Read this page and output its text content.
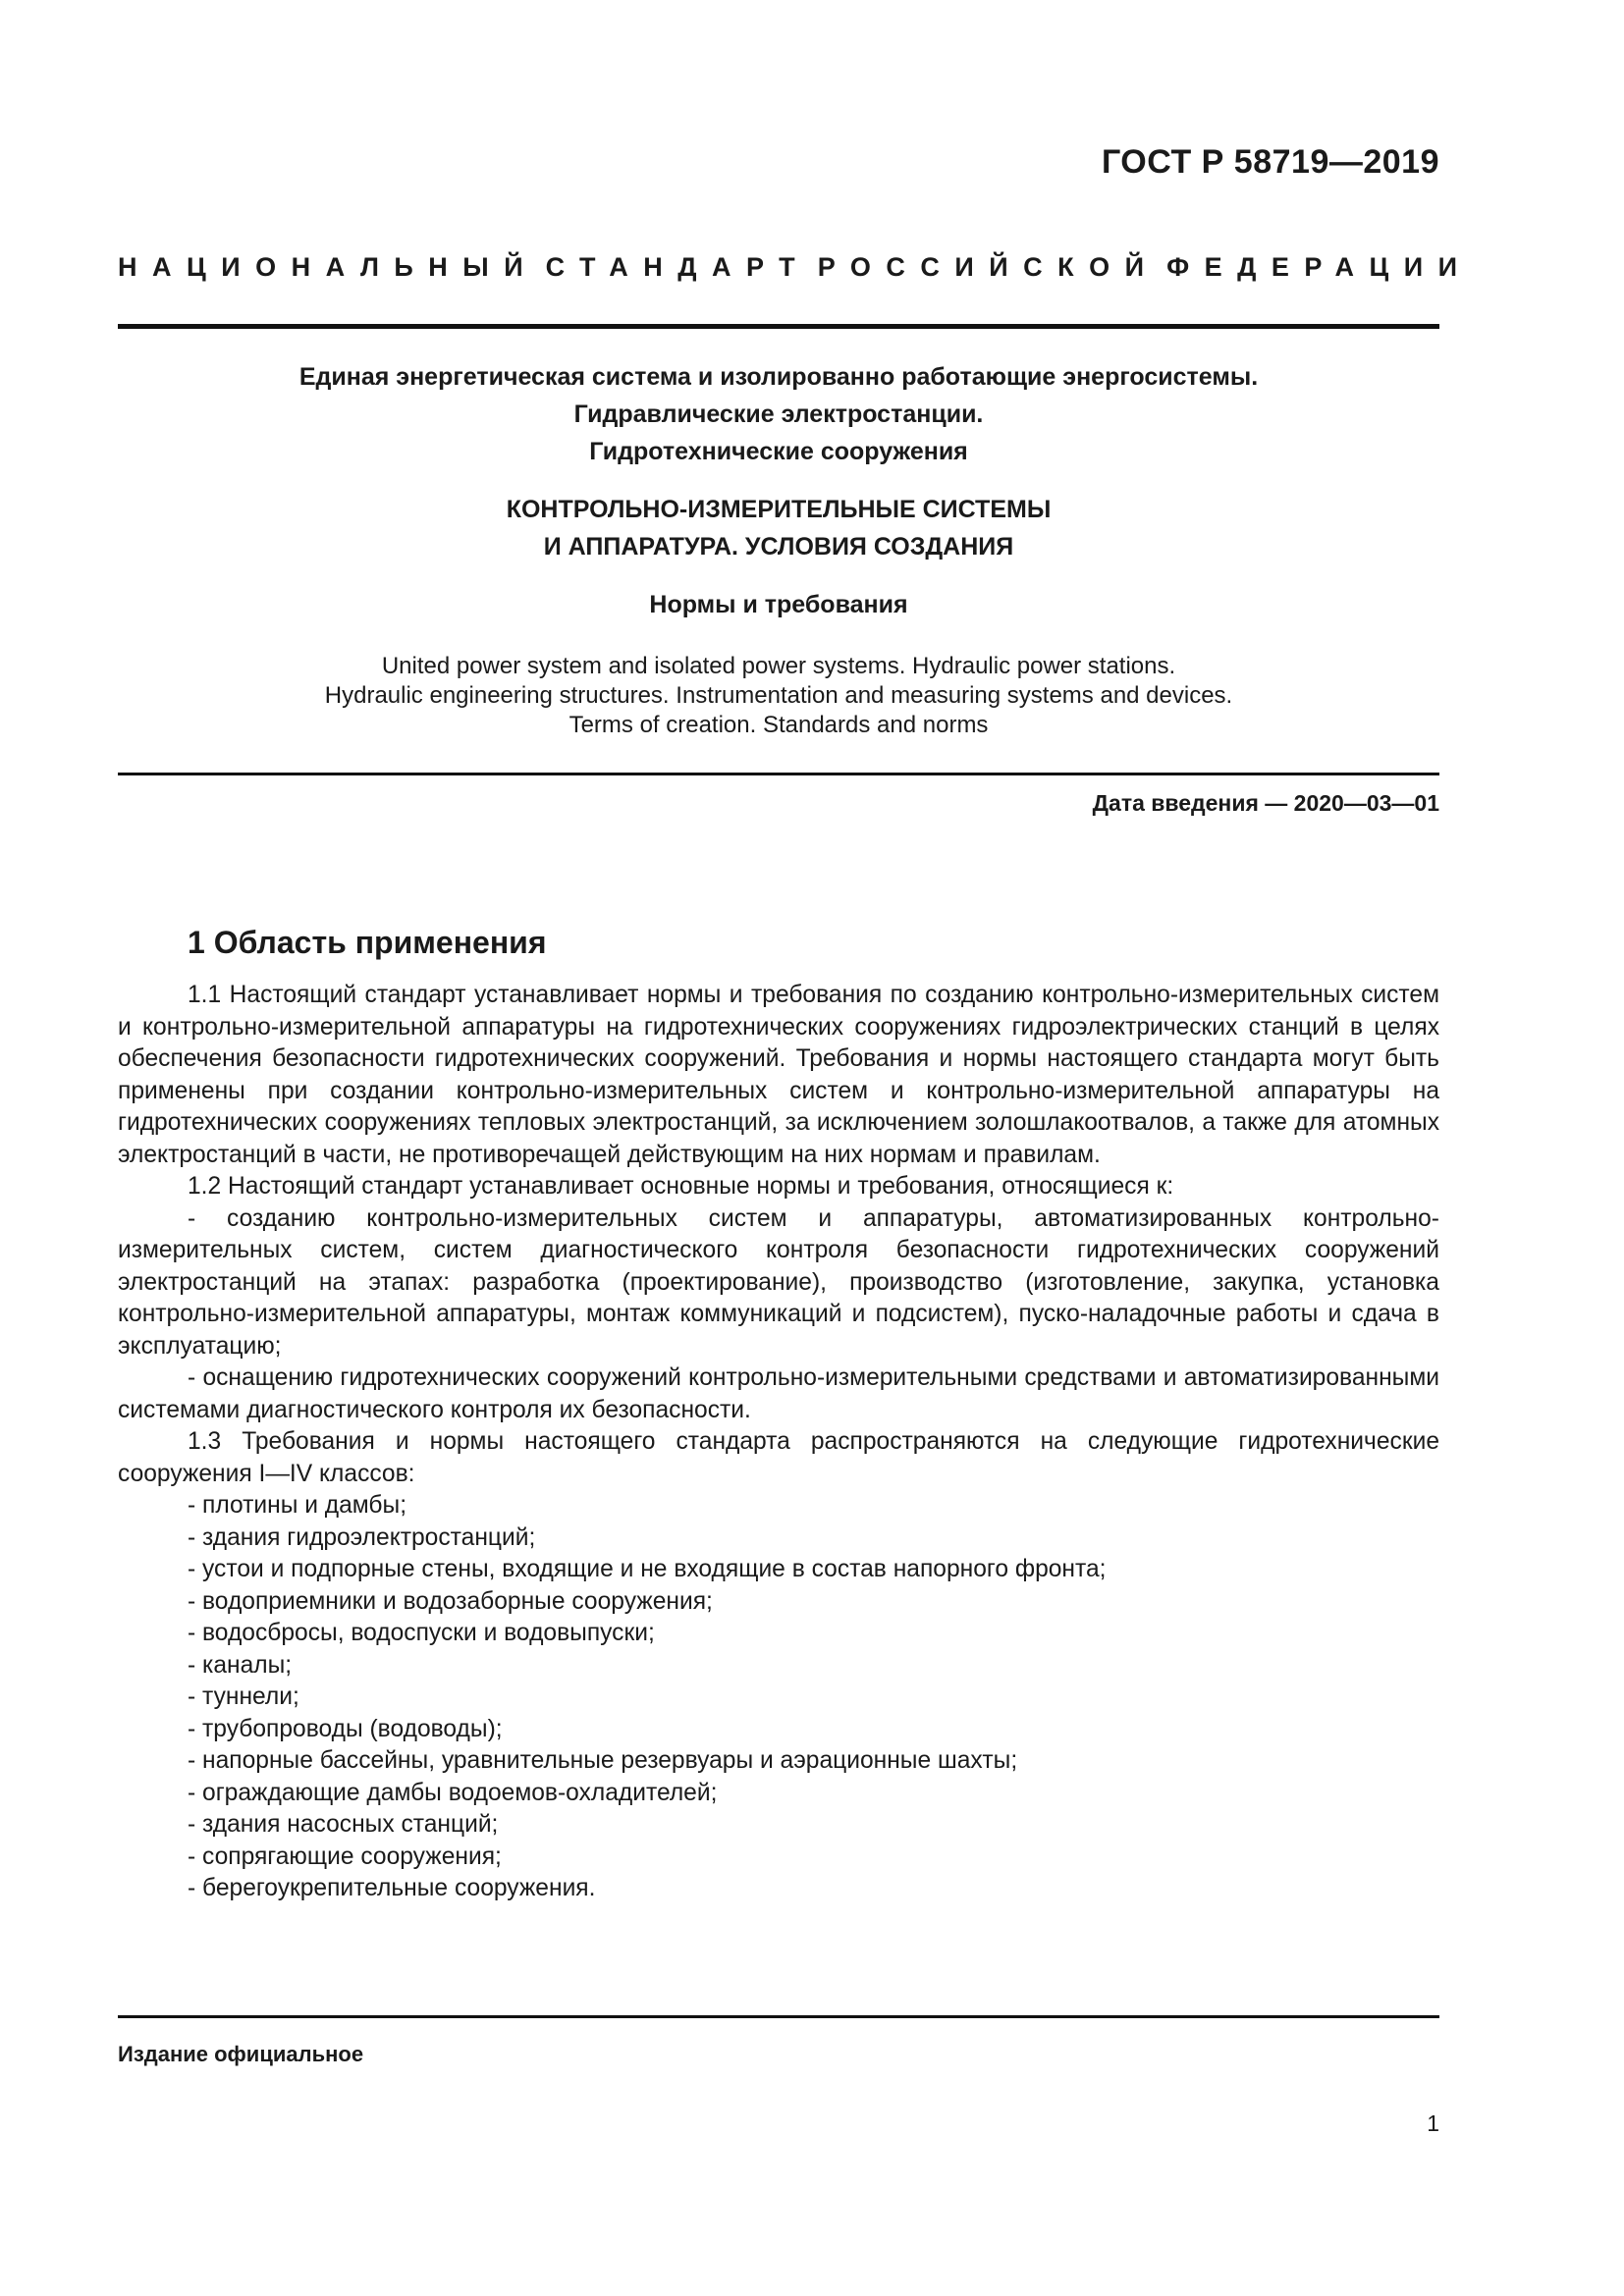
ГОСТ Р 58719—2019
НАЦИОНАЛЬНЫЙ СТАНДАРТ РОССИЙСКОЙ ФЕДЕРАЦИИ
Единая энергетическая система и изолированно работающие энергосистемы.
Гидравлические электростанции.
Гидротехнические сооружения
КОНТРОЛЬНО-ИЗМЕРИТЕЛЬНЫЕ СИСТЕМЫ
И АППАРАТУРА. УСЛОВИЯ СОЗДАНИЯ
Нормы и требования
United power system and isolated power systems. Hydraulic power stations.
Hydraulic engineering structures. Instrumentation and measuring systems and devices.
Terms of creation. Standards and norms
Дата введения — 2020—03—01
1 Область применения

1.1 Настоящий стандарт устанавливает нормы и требования по созданию контрольно-измерительных систем и контрольно-измерительной аппаратуры на гидротехнических сооружениях гидроэлектрических станций в целях обеспечения безопасности гидротехнических сооружений. Требования и нормы настоящего стандарта могут быть применены при создании контрольно-измерительных систем и контрольно-измерительной аппаратуры на гидротехнических сооружениях тепловых электростанций, за исключением золошлакоотвалов, а также для атомных электростанций в части, не противоречащей действующим на них нормам и правилам.

1.2 Настоящий стандарт устанавливает основные нормы и требования, относящиеся к:

- созданию контрольно-измерительных систем и аппаратуры, автоматизированных контрольно-измерительных систем, систем диагностического контроля безопасности гидротехнических сооружений электростанций на этапах: разработка (проектирование), производство (изготовление, закупка, установка контрольно-измерительной аппаратуры, монтаж коммуникаций и подсистем), пуско-наладочные работы и сдача в эксплуатацию;

- оснащению гидротехнических сооружений контрольно-измерительными средствами и автоматизированными системами диагностического контроля их безопасности.

1.3 Требования и нормы настоящего стандарта распространяются на следующие гидротехнические сооружения I—IV классов:

- плотины и дамбы;

- здания гидроэлектростанций;

- устои и подпорные стены, входящие и не входящие в состав напорного фронта;

- водоприемники и водозаборные сооружения;

- водосбросы, водоспуски и водовыпуски;

- каналы;

- туннели;

- трубопроводы (водоводы);

- напорные бассейны, уравнительные резервуары и аэрационные шахты;

- ограждающие дамбы водоемов-охладителей;

- здания насосных станций;

- сопрягающие сооружения;

- берегоукрепительные сооружения.

Издание официальное
1
